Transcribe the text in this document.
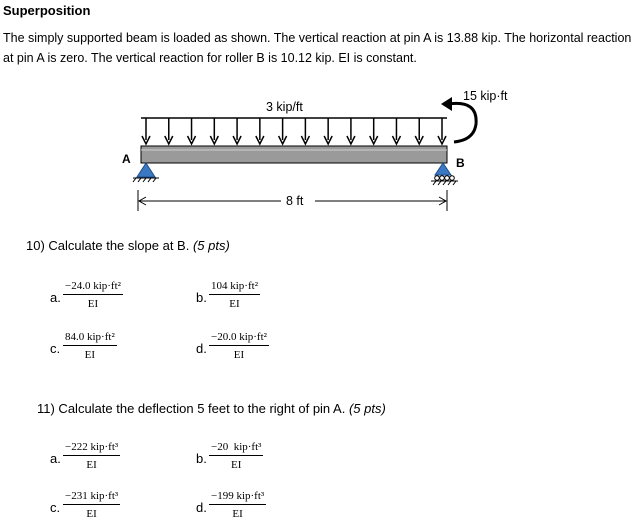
Superposition
The simply supported beam is loaded as shown. The vertical reaction at pin A is 13.88 kip. The horizontal reaction at pin A is zero. The vertical reaction for roller B is 10.12 kip. EI is constant.
3 kip/ft
15 kip·ft
A	B
8 ft
10) Calculate the slope at B. (5 pts)
a.
−24.0 kip·ft²
EI	b.
104 kip·ft²
EI
c.
84.0 kip·ft²
EI	d.
−20.0 kip·ft²
EI
11) Calculate the deflection 5 feet to the right of pin A. (5 pts)
a.
−222 kip·ft³
EI	b.
−20  kip·ft³
EI
c.
−231 kip·ft³
EI	d.
−199 kip·ft³
EI
